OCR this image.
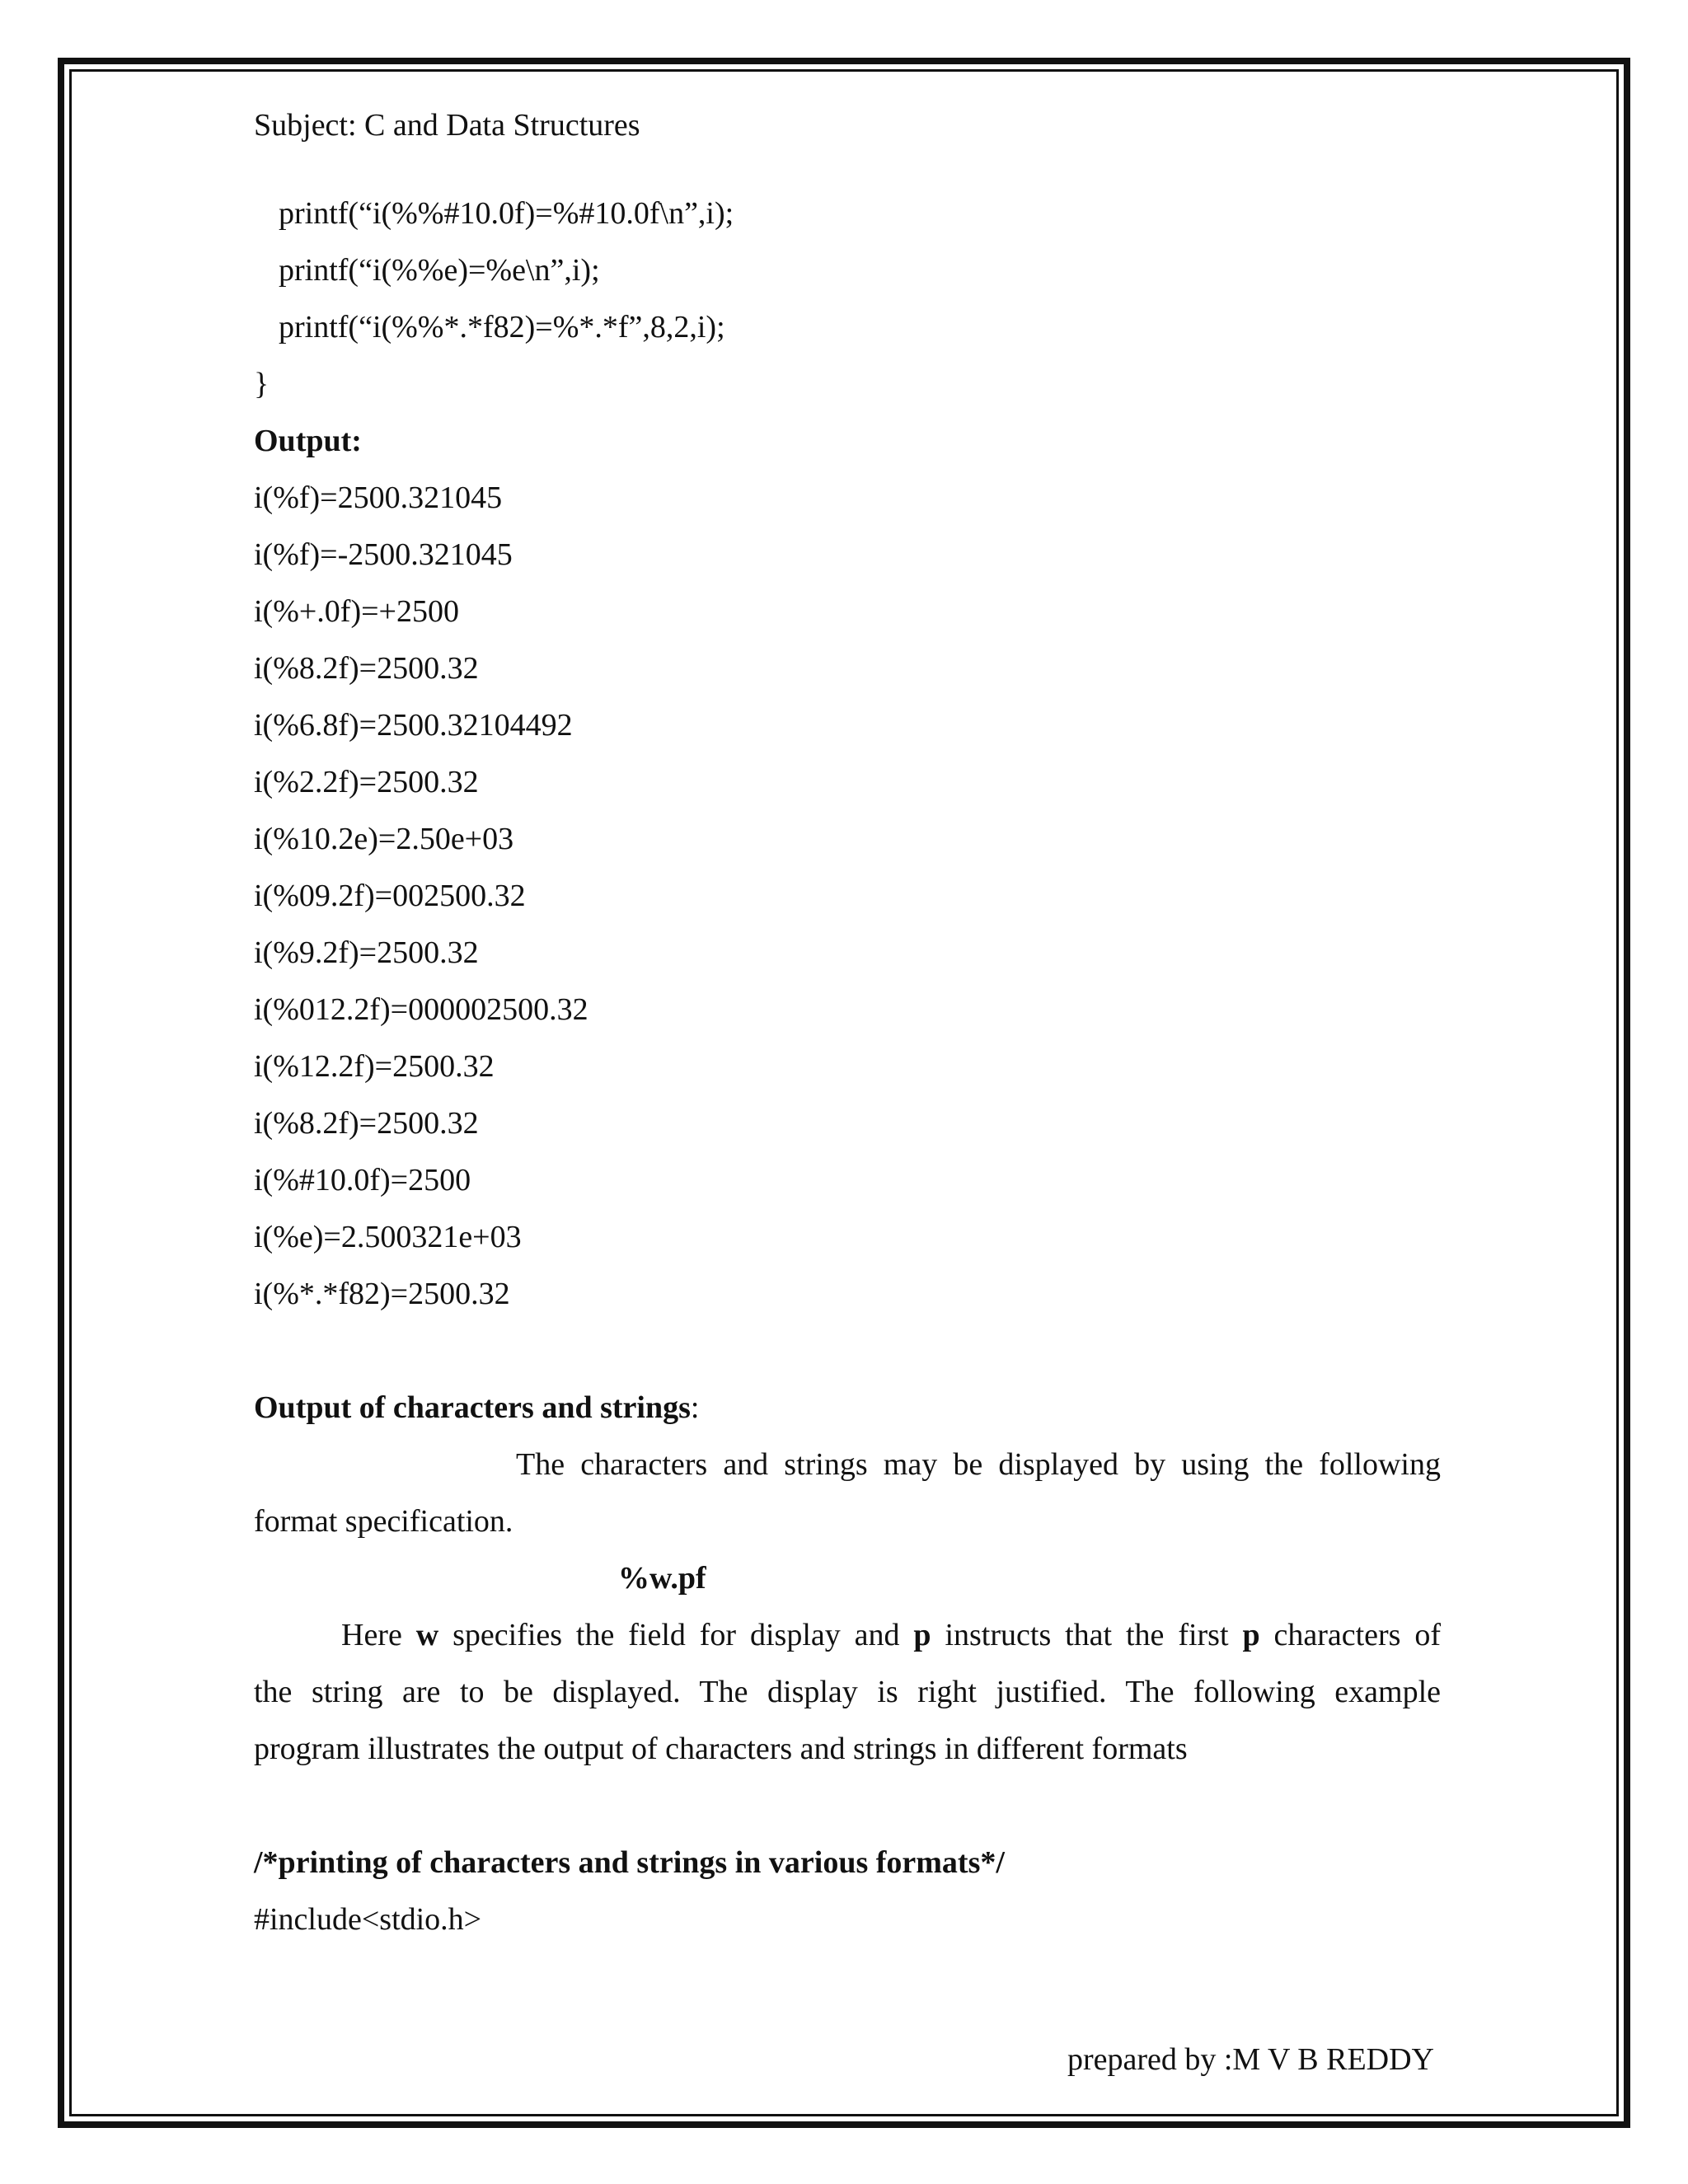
Subject: C and Data Structures
printf(“i(%%#10.0f)=%#10.0f\n”,i);
printf(“i(%%e)=%e\n”,i);
printf(“i(%%*.*f82)=%*.*f”,8,2,i);
}
Output:
i(%f)=2500.321045
i(%f)=-2500.321045
i(%+.0f)=+2500
i(%8.2f)=2500.32
i(%6.8f)=2500.32104492
i(%2.2f)=2500.32
i(%10.2e)=2.50e+03
i(%09.2f)=002500.32
i(%9.2f)=2500.32
i(%012.2f)=000002500.32
i(%12.2f)=2500.32
i(%8.2f)=2500.32
i(%#10.0f)=2500
i(%e)=2.500321e+03
i(%*.*f82)=2500.32
Output of characters and strings:
The characters and strings may be displayed by using the following
format specification.
%w.pf
Here w specifies the field for display and p instructs that the first p characters of
the string are to be displayed. The display is right justified. The following example
program illustrates the output of characters and strings in different formats
/*printing of characters and strings in various formats*/
#include<stdio.h>
prepared by :M V B REDDY
